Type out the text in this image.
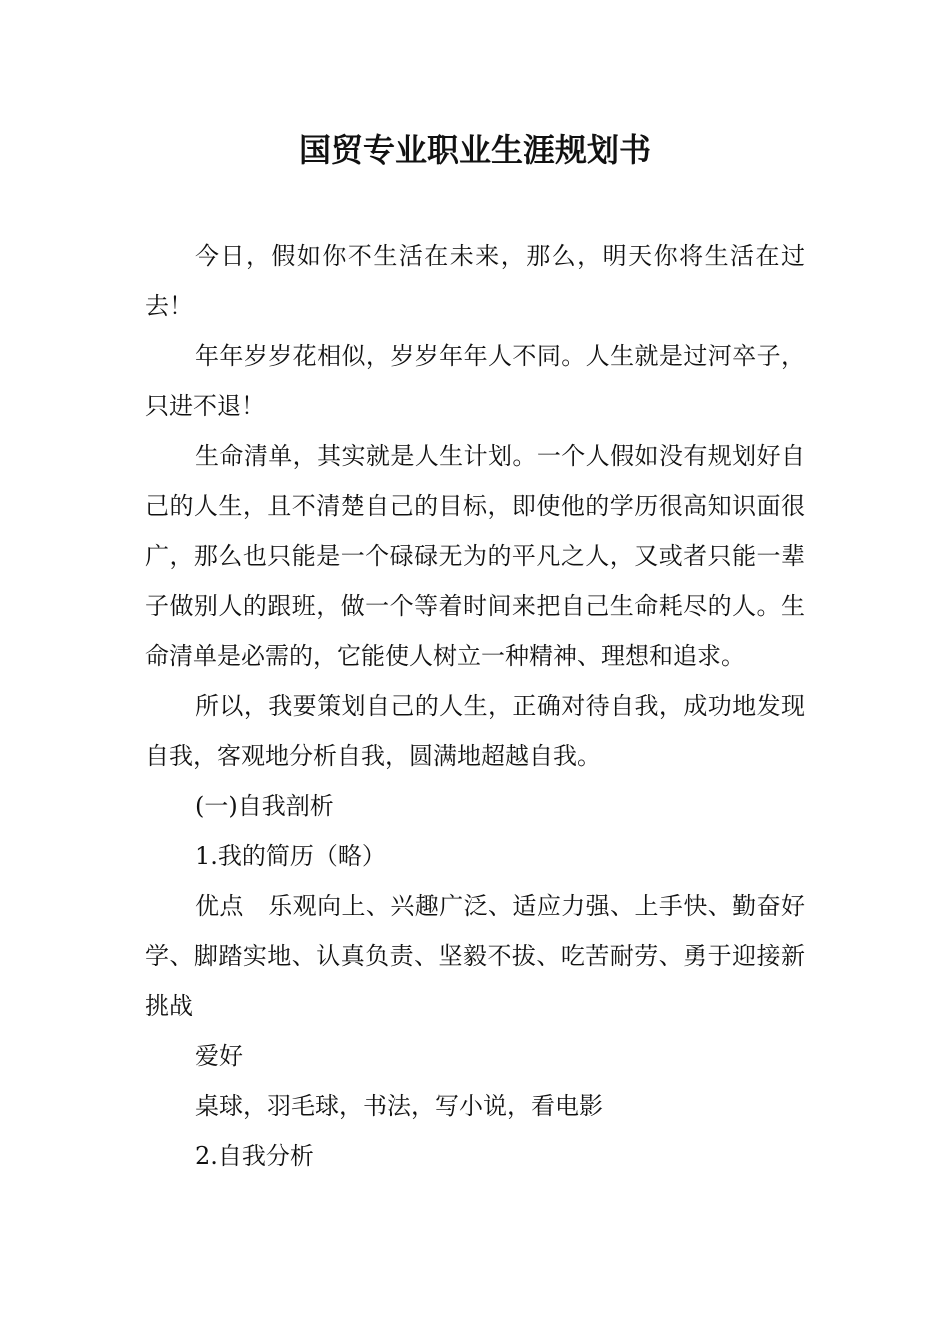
国贸专业职业生涯规划书

今日，假如你不生活在未来，那么，明天你将生活在过去！

年年岁岁花相似，岁岁年年人不同。人生就是过河卒子，只进不退！

生命清单，其实就是人生计划。一个人假如没有规划好自己的人生，且不清楚自己的目标，即使他的学历很高知识面很广，那么也只能是一个碌碌无为的平凡之人，又或者只能一辈子做别人的跟班，做一个等着时间来把自己生命耗尽的人。生命清单是必需的，它能使人树立一种精神、理想和追求。

所以，我要策划自己的人生，正确对待自我，成功地发现自我，客观地分析自我，圆满地超越自我。

(一)自我剖析

1.我的简历（略）

优点　乐观向上、兴趣广泛、适应力强、上手快、勤奋好学、脚踏实地、认真负责、坚毅不拔、吃苦耐劳、勇于迎接新挑战

爱好

桌球，羽毛球，书法，写小说，看电影

2.自我分析
